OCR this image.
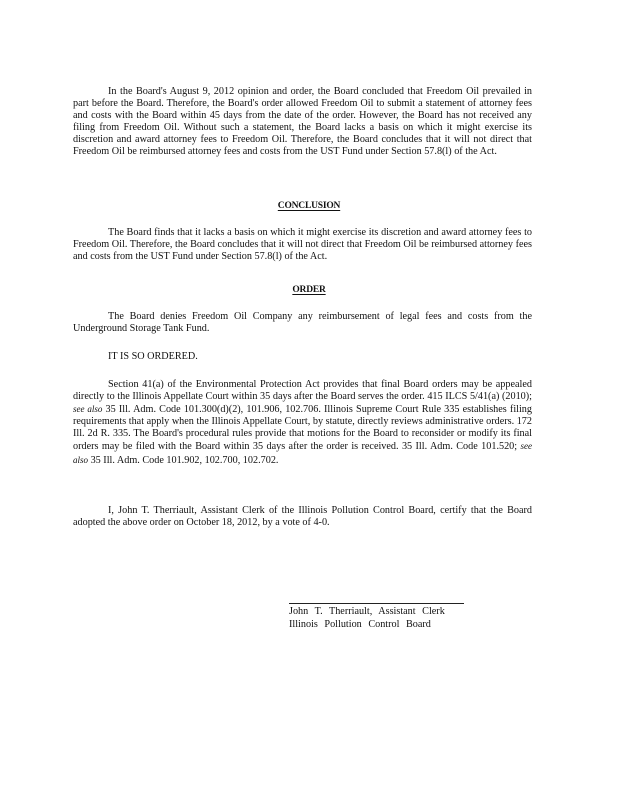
In the Board's August 9, 2012 opinion and order, the Board concluded that Freedom Oil prevailed in part before the Board. Therefore, the Board's order allowed Freedom Oil to submit a statement of attorney fees and costs with the Board within 45 days from the date of the order. However, the Board has not received any filing from Freedom Oil. Without such a statement, the Board lacks a basis on which it might exercise its discretion and award attorney fees to Freedom Oil. Therefore, the Board concludes that it will not direct that Freedom Oil be reimbursed attorney fees and costs from the UST Fund under Section 57.8(l) of the Act.

CONCLUSION

The Board finds that it lacks a basis on which it might exercise its discretion and award attorney fees to Freedom Oil. Therefore, the Board concludes that it will not direct that Freedom Oil be reimbursed attorney fees and costs from the UST Fund under Section 57.8(l) of the Act.

ORDER

The Board denies Freedom Oil Company any reimbursement of legal fees and costs from the Underground Storage Tank Fund.

IT IS SO ORDERED.

Section 41(a) of the Environmental Protection Act provides that final Board orders may be appealed directly to the Illinois Appellate Court within 35 days after the Board serves the order. 415 ILCS 5/41(a) (2010); see also 35 Ill. Adm. Code 101.300(d)(2), 101.906, 102.706. Illinois Supreme Court Rule 335 establishes filing requirements that apply when the Illinois Appellate Court, by statute, directly reviews administrative orders. 172 Ill. 2d R. 335. The Board's procedural rules provide that motions for the Board to reconsider or modify its final orders may be filed with the Board within 35 days after the order is received. 35 Ill. Adm. Code 101.520; see also 35 Ill. Adm. Code 101.902, 102.700, 102.702.

I, John T. Therriault, Assistant Clerk of the Illinois Pollution Control Board, certify that the Board adopted the above order on October 18, 2012, by a vote of 4-0.

John T. Therriault, Assistant Clerk

Illinois Pollution Control Board
